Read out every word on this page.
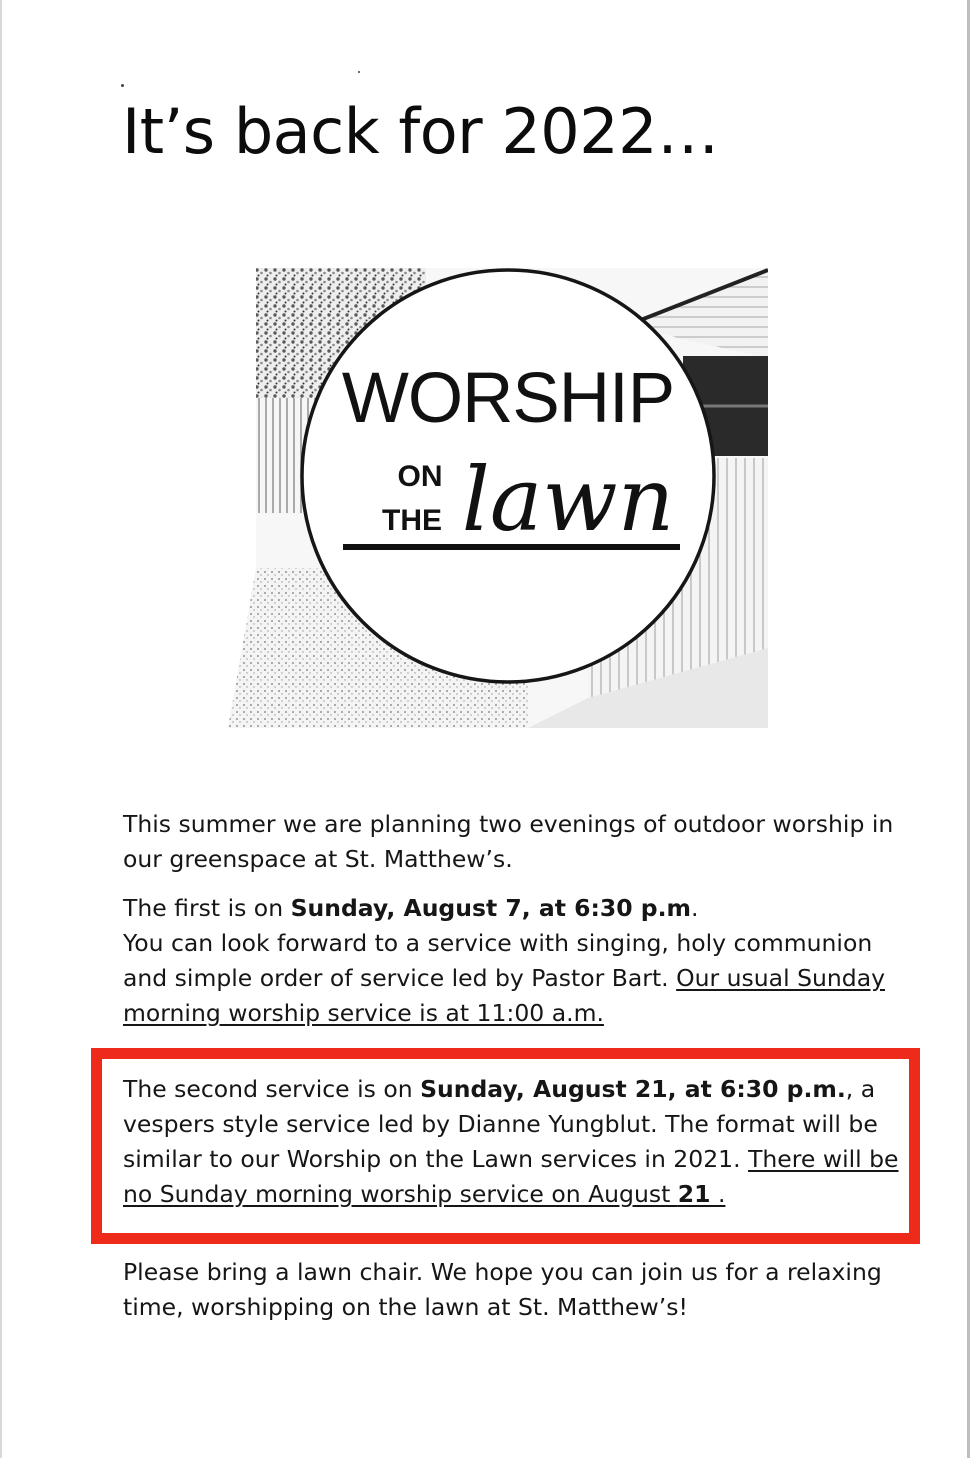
It’s back for 2022…
WORSHIP
ON
THE lawn

This summer we are planning two evenings of outdoor worship in our greenspace at St. Matthew’s.

The first is on Sunday, August 7, at 6:30 p.m.
You can look forward to a service with singing, holy communion and simple order of service led by Pastor Bart. Our usual Sunday morning worship service is at 11:00 a.m.

The second service is on Sunday, August 21, at 6:30 p.m., a vespers style service led by Dianne Yungblut. The format will be similar to our Worship on the Lawn services in 2021. There will be no Sunday morning worship service on August 21 .

Please bring a lawn chair. We hope you can join us for a relaxing time, worshipping on the lawn at St. Matthew’s!
